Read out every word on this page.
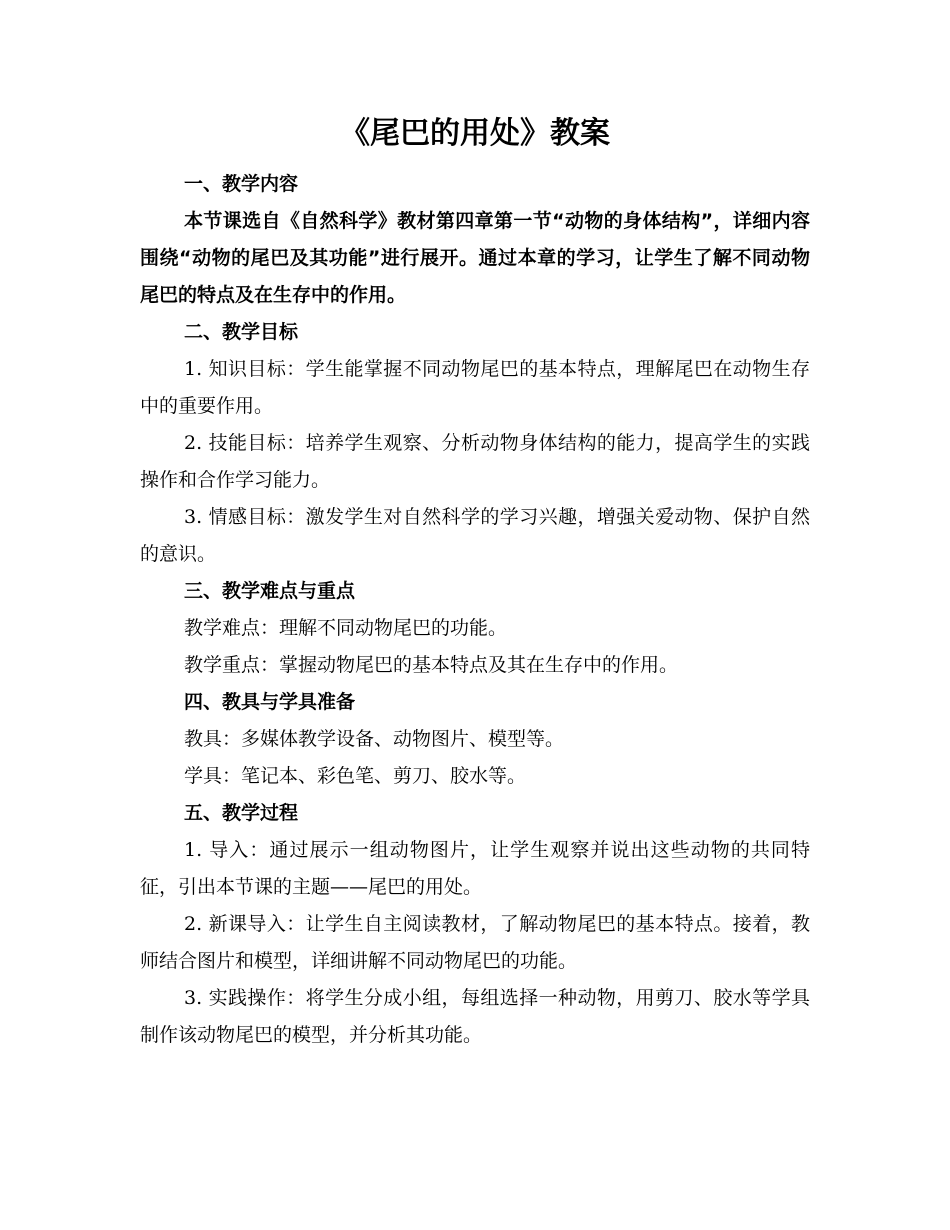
《尾巴的用处》教案

一、教学内容

本节课选自《自然科学》教材第四章第一节“动物的身体结构”，详细内容围绕“动物的尾巴及其功能”进行展开。通过本章的学习，让学生了解不同动物尾巴的特点及在生存中的作用。

二、教学目标

1. 知识目标：学生能掌握不同动物尾巴的基本特点，理解尾巴在动物生存中的重要作用。

2. 技能目标：培养学生观察、分析动物身体结构的能力，提高学生的实践操作和合作学习能力。

3. 情感目标：激发学生对自然科学的学习兴趣，增强关爱动物、保护自然的意识。

三、教学难点与重点

教学难点：理解不同动物尾巴的功能。

教学重点：掌握动物尾巴的基本特点及其在生存中的作用。

四、教具与学具准备

教具：多媒体教学设备、动物图片、模型等。

学具：笔记本、彩色笔、剪刀、胶水等。

五、教学过程

1. 导入：通过展示一组动物图片，让学生观察并说出这些动物的共同特征，引出本节课的主题——尾巴的用处。

2. 新课导入：让学生自主阅读教材，了解动物尾巴的基本特点。接着，教师结合图片和模型，详细讲解不同动物尾巴的功能。

3. 实践操作：将学生分成小组，每组选择一种动物，用剪刀、胶水等学具制作该动物尾巴的模型，并分析其功能。
